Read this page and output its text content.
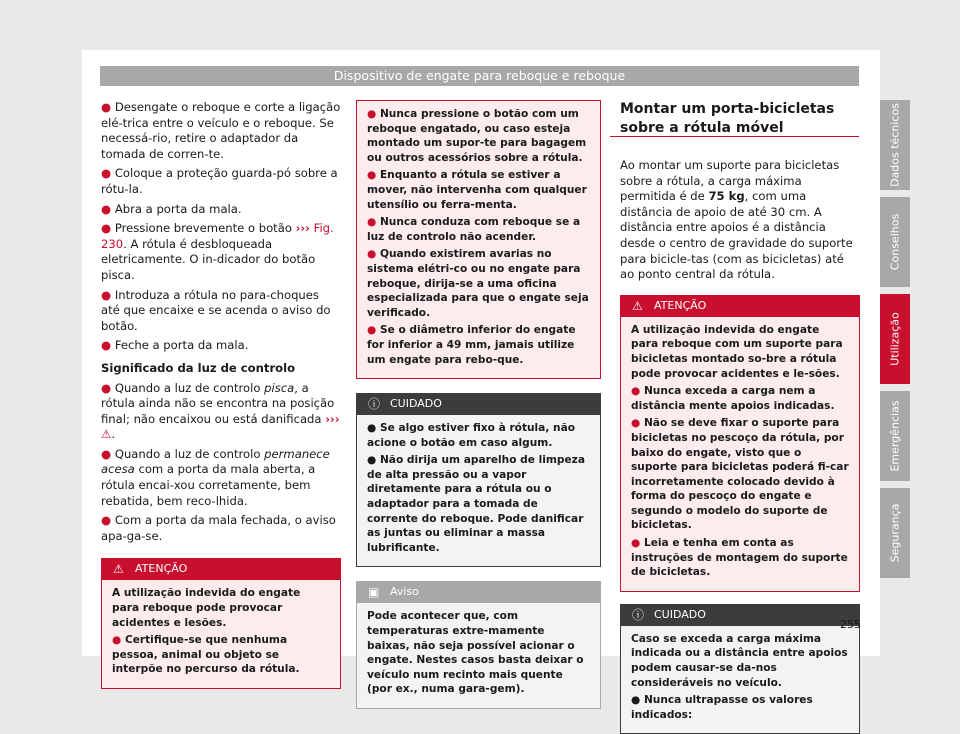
Dispositivo de engate para reboque e reboque

● Desengate o reboque e corte a ligação elé-trica entre o veículo e o reboque. Se necessá-rio, retire o adaptador da tomada de corren-te.

● Coloque a proteção guarda-pó sobre a rótu-la.

● Abra a porta da mala.

● Pressione brevemente o botão ››› Fig. 230. A rótula é desbloqueada eletricamente. O in-dicador do botão pisca.

● Introduza a rótula no para-choques até que encaixe e se acenda o aviso do botão.

● Feche a porta da mala.

Significado da luz de controlo

● Quando a luz de controlo pisca, a rótula ainda não se encontra na posição final; não encaixou ou está danificada ››› ⚠.

● Quando a luz de controlo permanece acesa com a porta da mala aberta, a rótula encai-xou corretamente, bem rebatida, bem reco-lhida.

● Com a porta da mala fechada, o aviso apa-ga-se.

⚠ ATENÇÃO

A utilização indevida do engate para reboque pode provocar acidentes e lesões.

● Certifique-se que nenhuma pessoa, animal ou objeto se interpõe no percurso da rótula.

● Nunca pressione o botão com um reboque engatado, ou caso esteja montado um supor-te para bagagem ou outros acessórios sobre a rótula.

● Enquanto a rótula se estiver a mover, não intervenha com qualquer utensílio ou ferra-menta.

● Nunca conduza com reboque se a luz de controlo não acender.

● Quando existirem avarias no sistema elétri-co ou no engate para reboque, dirija-se a uma oficina especializada para que o engate seja verificado.

● Se o diâmetro inferior do engate for inferior a 49 mm, jamais utilize um engate para rebo-que.

ⓘ CUIDADO

● Se algo estiver fixo à rótula, não acione o botão em caso algum.

● Não dirija um aparelho de limpeza de alta pressão ou a vapor diretamente para a rótula ou o adaptador para a tomada de corrente do reboque. Pode danificar as juntas ou eliminar a massa lubrificante.

▣ Aviso

Pode acontecer que, com temperaturas extre-mamente baixas, não seja possível acionar o engate. Nestes casos basta deixar o veículo num recinto mais quente (por ex., numa gara-gem).

Montar um porta-bicicletas sobre a rótula móvel

Ao montar um suporte para bicicletas sobre a rótula, a carga máxima permitida é de 75 kg, com uma distância de apoio de até 30 cm. A distância entre apoios é a distância desde o centro de gravidade do suporte para bicicle-tas (com as bicicletas) até ao ponto central da rótula.

⚠ ATENÇÃO

A utilização indevida do engate para reboque com um suporte para bicicletas montado so-bre a rótula pode provocar acidentes e le-sões.

● Nunca exceda a carga nem a distância mente apoios indicadas.

● Não se deve fixar o suporte para bicicletas no pescoço da rótula, por baixo do engate, visto que o suporte para bicicletas poderá fi-car incorretamente colocado devido à forma do pescoço do engate e segundo o modelo do suporte de bicicletas.

● Leia e tenha em conta as instruções de montagem do suporte de bicicletas.

ⓘ CUIDADO

Caso se exceda a carga máxima indicada ou a distância entre apoios podem causar-se da-nos consideráveis no veículo.

● Nunca ultrapasse os valores indicados:

Dados técnicos
Conselhos
Utilização
Emergências
Segurança
255
